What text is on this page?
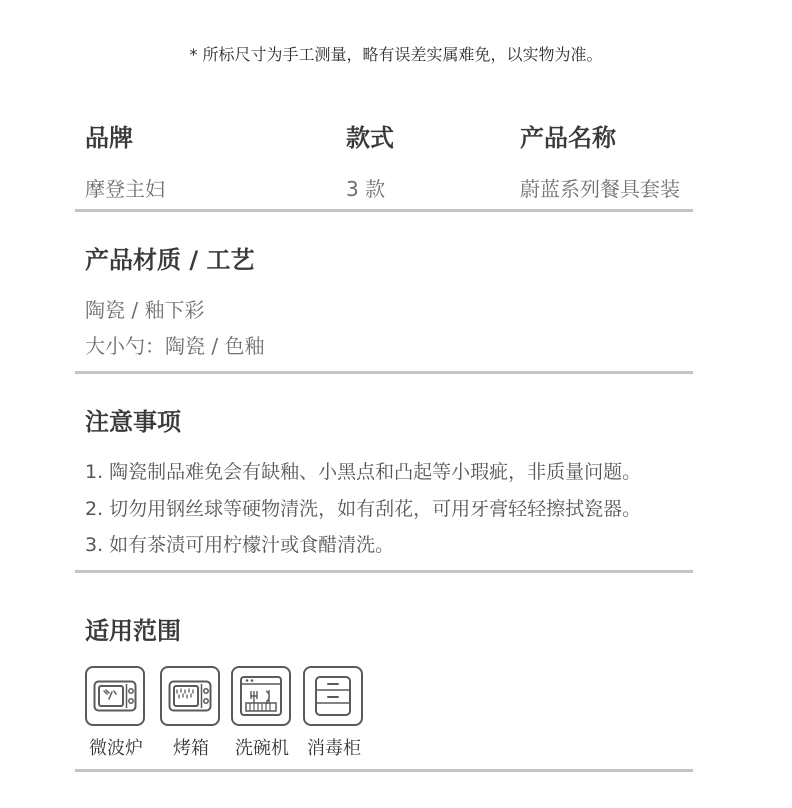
* 所标尺寸为手工测量，略有误差实属难免，以实物为准。
品牌	款式	产品名称
摩登主妇	3 款	蔚蓝系列餐具套装
产品材质 / 工艺
陶瓷 / 釉下彩
大小勺：陶瓷 / 色釉
注意事项
1. 陶瓷制品难免会有缺釉、小黑点和凸起等小瑕疵，非质量问题。
2. 切勿用钢丝球等硬物清洗，如有刮花，可用牙膏轻轻擦拭瓷器。
3. 如有茶渍可用柠檬汁或食醋清洗。
适用范围
微波炉	烤箱	洗碗机	消毒柜
